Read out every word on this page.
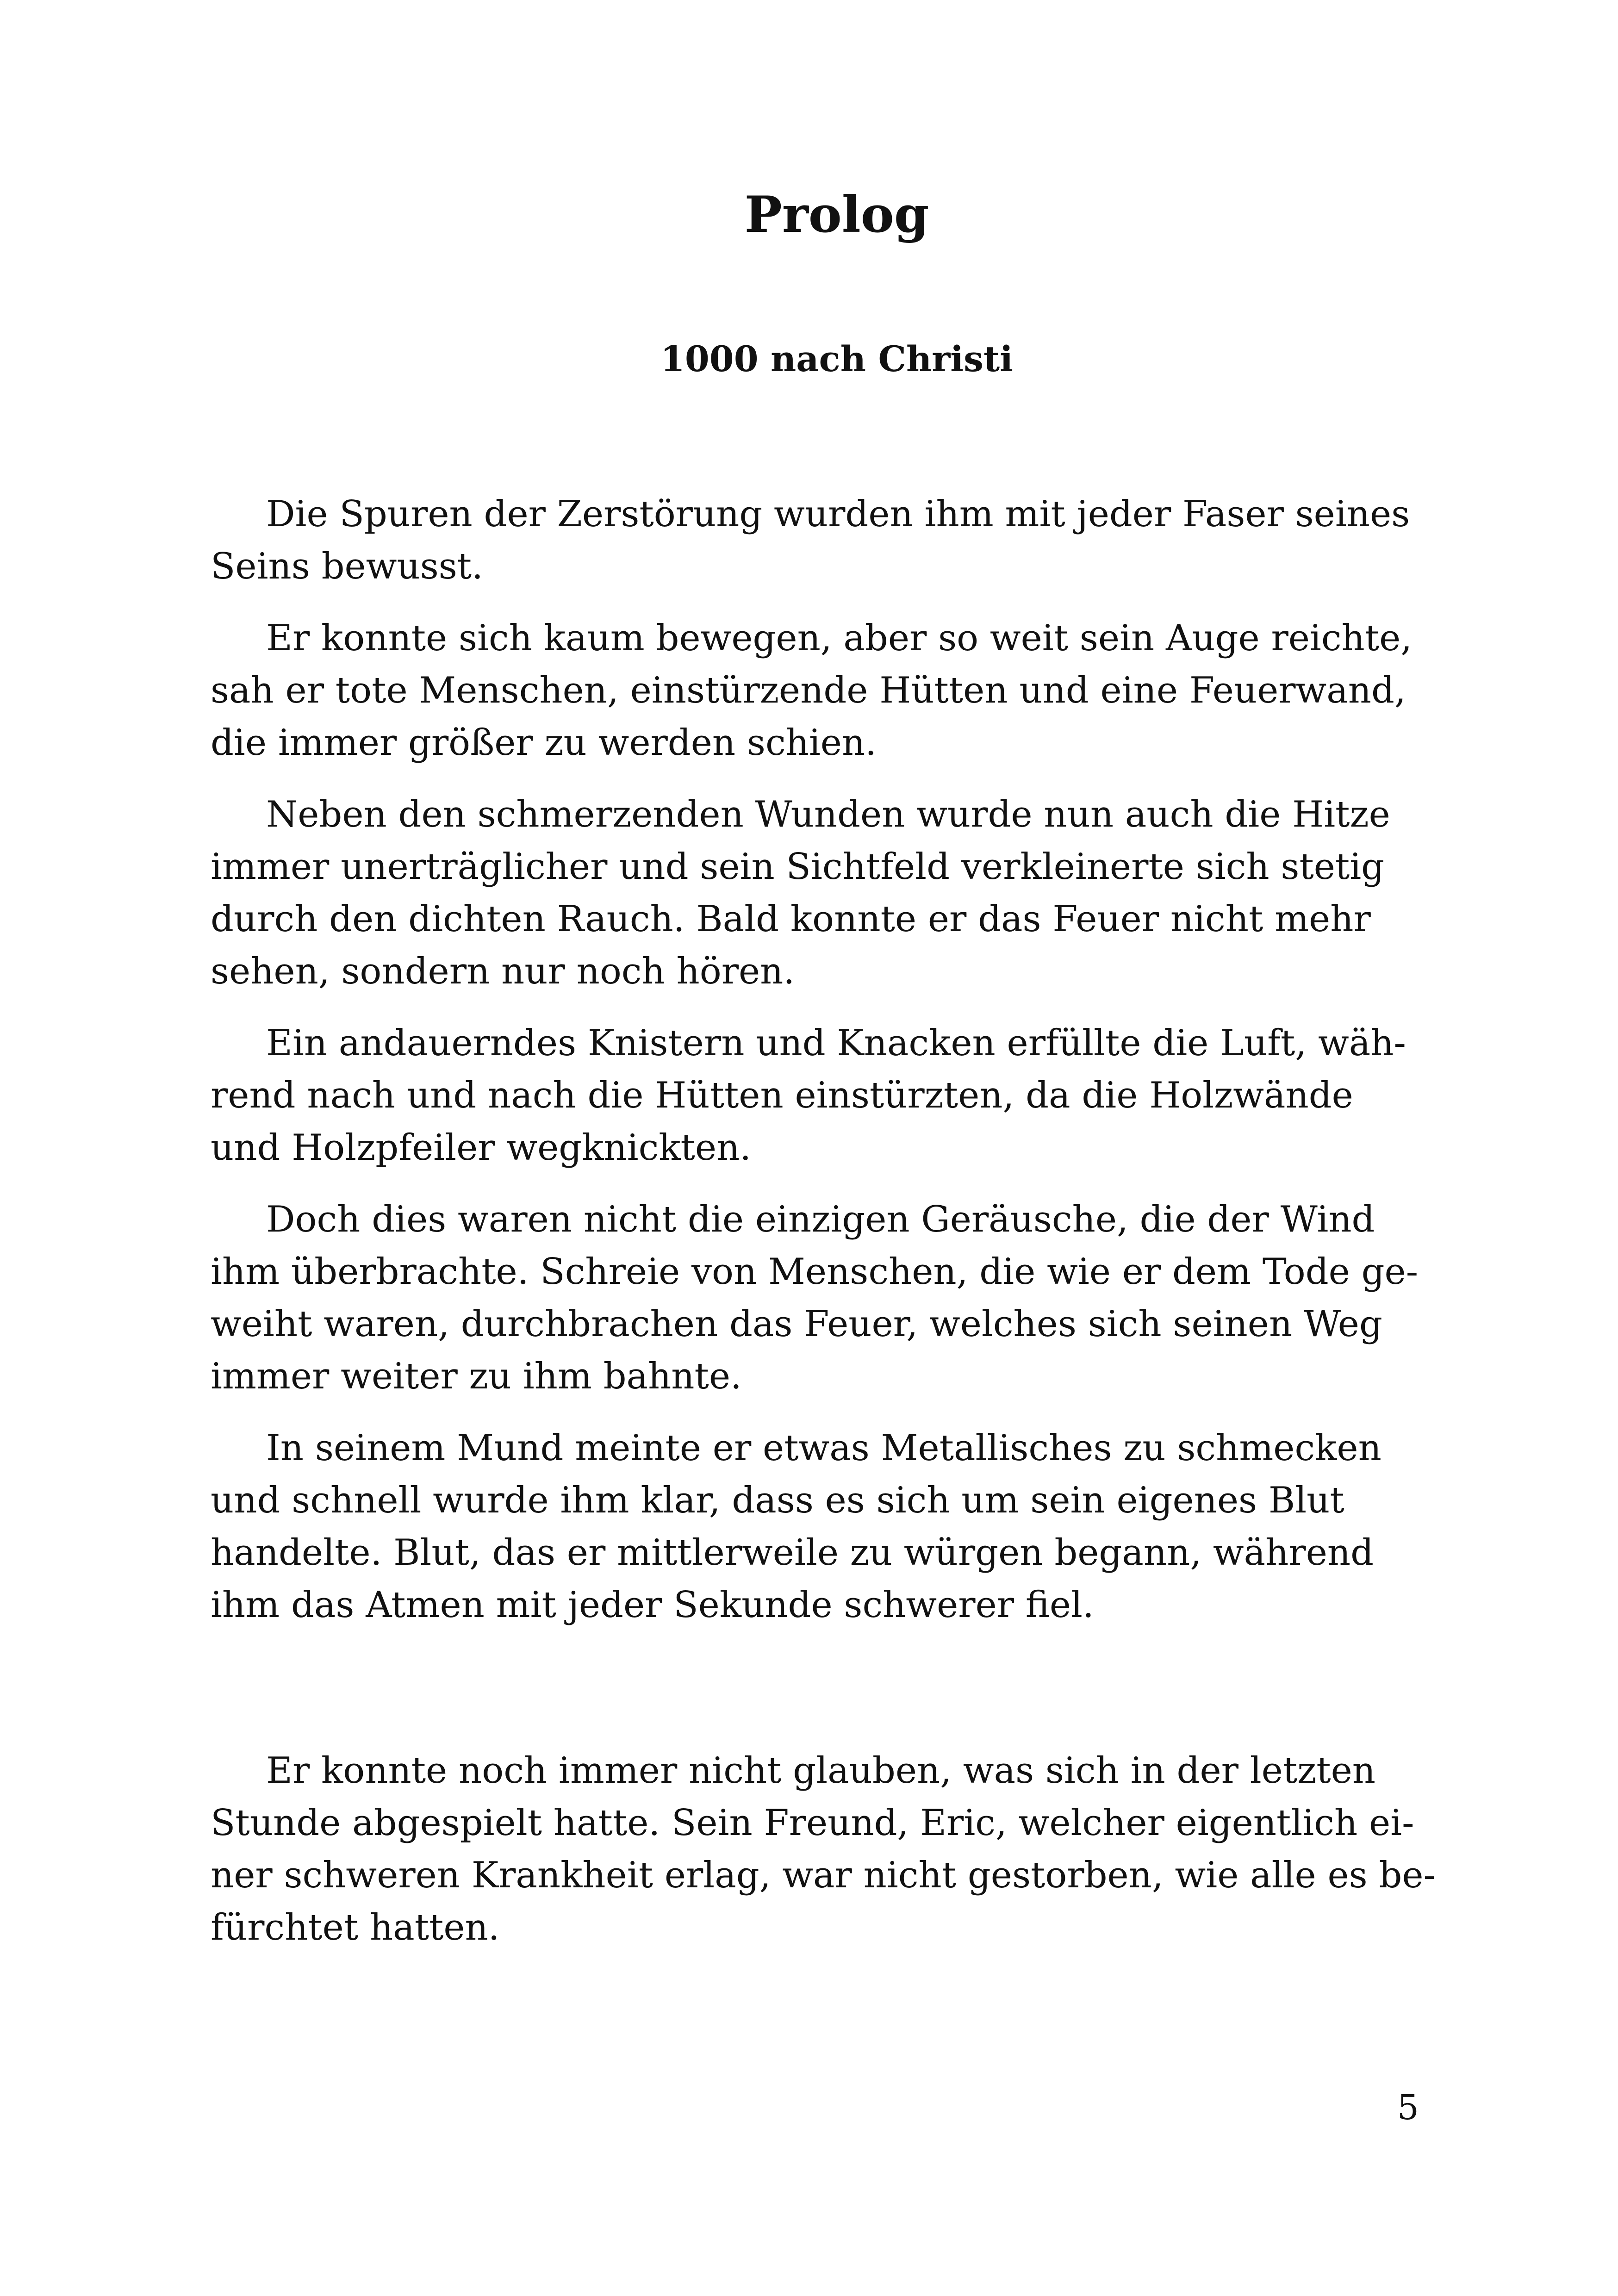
Prolog
1000 nach Christi

Die Spuren der Zerstörung wurden ihm mit jeder Faser seines
Seins bewusst.

Er konnte sich kaum bewegen, aber so weit sein Auge reichte,
sah er tote Menschen, einstürzende Hütten und eine Feuerwand,
die immer größer zu werden schien.

Neben den schmerzenden Wunden wurde nun auch die Hitze
immer unerträglicher und sein Sichtfeld verkleinerte sich stetig
durch den dichten Rauch. Bald konnte er das Feuer nicht mehr
sehen, sondern nur noch hören.

Ein andauerndes Knistern und Knacken erfüllte die Luft, wäh-
rend nach und nach die Hütten einstürzten, da die Holzwände
und Holzpfeiler wegknickten.

Doch dies waren nicht die einzigen Geräusche, die der Wind
ihm überbrachte. Schreie von Menschen, die wie er dem Tode ge-
weiht waren, durchbrachen das Feuer, welches sich seinen Weg
immer weiter zu ihm bahnte.

In seinem Mund meinte er etwas Metallisches zu schmecken
und schnell wurde ihm klar, dass es sich um sein eigenes Blut
handelte. Blut, das er mittlerweile zu würgen begann, während
ihm das Atmen mit jeder Sekunde schwerer fiel.

Er konnte noch immer nicht glauben, was sich in der letzten
Stunde abgespielt hatte. Sein Freund, Eric, welcher eigentlich ei-
ner schweren Krankheit erlag, war nicht gestorben, wie alle es be-
fürchtet hatten.

5
